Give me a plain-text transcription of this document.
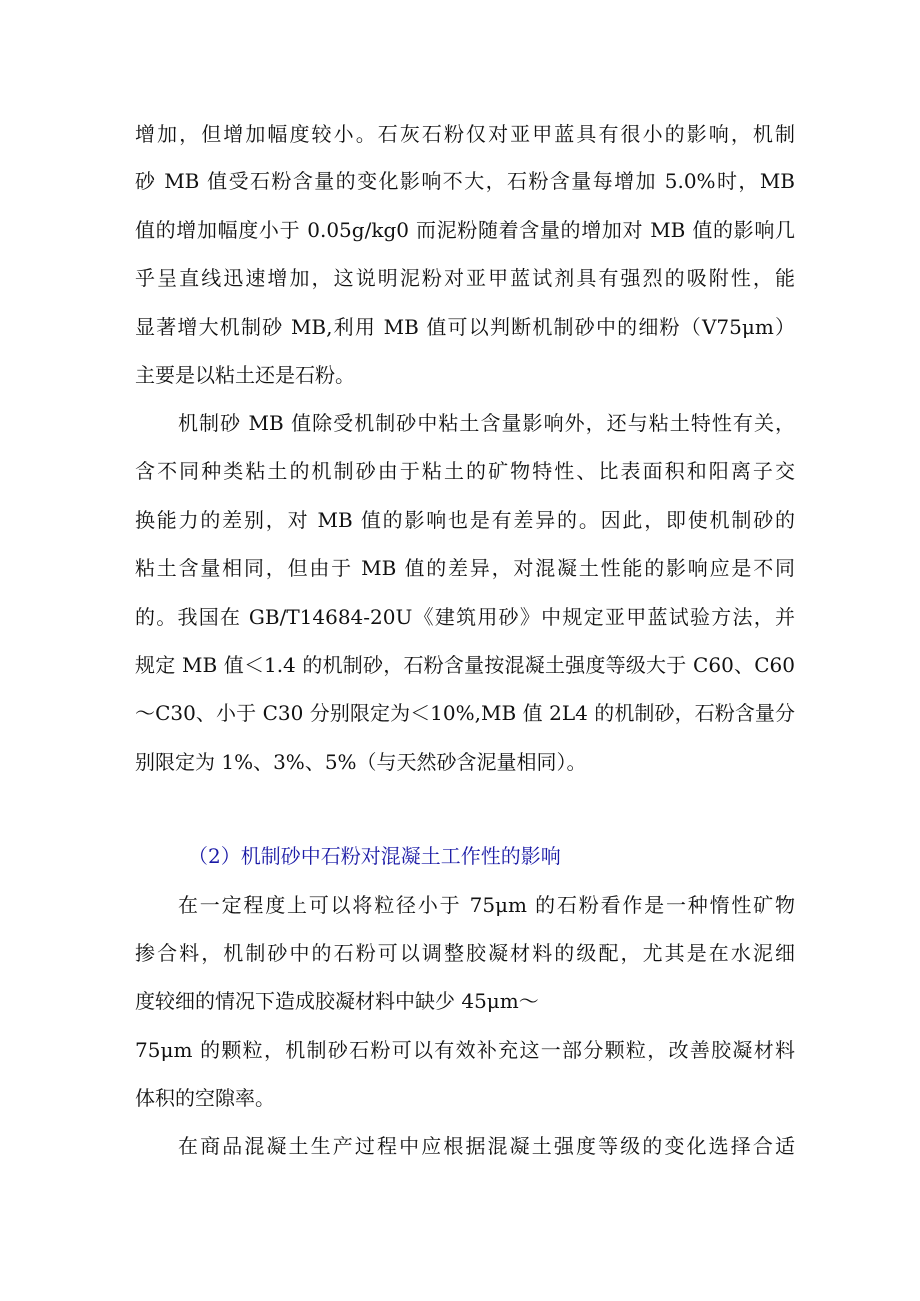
增加，但增加幅度较小。石灰石粉仅对亚甲蓝具有很小的影响，机制
砂 MB 值受石粉含量的变化影响不大，石粉含量每增加 5.0%时，MB
值的增加幅度小于 0.05g/kg0 而泥粉随着含量的增加对 MB 值的影响几
乎呈直线迅速增加，这说明泥粉对亚甲蓝试剂具有强烈的吸附性，能
显著增大机制砂 MB,利用 MB 值可以判断机制砂中的细粉（V75μm）
主要是以粘土还是石粉。
机制砂 MB 值除受机制砂中粘土含量影响外，还与粘土特性有关，
含不同种类粘土的机制砂由于粘土的矿物特性、比表面积和阳离子交
换能力的差别，对 MB 值的影响也是有差异的。因此，即使机制砂的
粘土含量相同，但由于 MB 值的差异，对混凝土性能的影响应是不同
的。我国在 GB/T14684-20U《建筑用砂》中规定亚甲蓝试验方法，并
规定 MB 值＜1.4 的机制砂，石粉含量按混凝土强度等级大于 C60、C60
～C30、小于 C30 分别限定为＜10%,MB 值 2L4 的机制砂，石粉含量分
别限定为 1%、3%、5%（与天然砂含泥量相同）。
（2）机制砂中石粉对混凝土工作性的影响
在一定程度上可以将粒径小于 75μm 的石粉看作是一种惰性矿物
掺合料，机制砂中的石粉可以调整胶凝材料的级配，尤其是在水泥细
度较细的情况下造成胶凝材料中缺少 45μm～
75μm 的颗粒，机制砂石粉可以有效补充这一部分颗粒，改善胶凝材料
体积的空隙率。
在商品混凝土生产过程中应根据混凝土强度等级的变化选择合适
